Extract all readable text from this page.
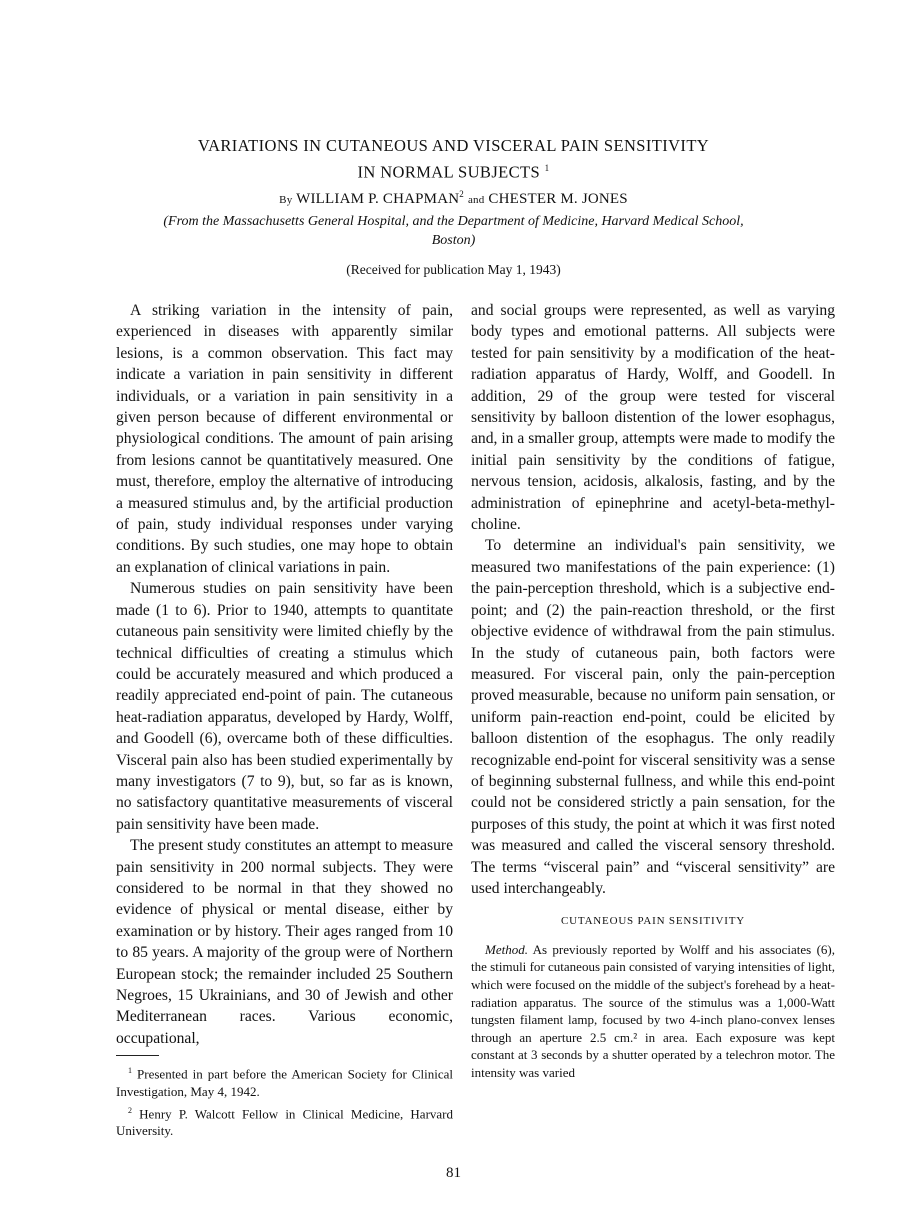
VARIATIONS IN CUTANEOUS AND VISCERAL PAIN SENSITIVITY
IN NORMAL SUBJECTS $^1$
By WILLIAM P. CHAPMAN$^2$ and CHESTER M. JONES
(From the Massachusetts General Hospital, and the Department of Medicine, Harvard Medical School, Boston)
(Received for publication May 1, 1943)

A striking variation in the intensity of pain, experienced in diseases with apparently similar lesions, is a common observation. This fact may indicate a variation in pain sensitivity in different individuals, or a variation in pain sensitivity in a given person because of different environmental or physiological conditions. The amount of pain arising from lesions cannot be quantitatively measured. One must, therefore, employ the alternative of introducing a measured stimulus and, by the artificial production of pain, study individual responses under varying conditions. By such studies, one may hope to obtain an explanation of clinical variations in pain.

Numerous studies on pain sensitivity have been made (1 to 6). Prior to 1940, attempts to quantitate cutaneous pain sensitivity were limited chiefly by the technical difficulties of creating a stimulus which could be accurately measured and which produced a readily appreciated end-point of pain. The cutaneous heat-radiation apparatus, developed by Hardy, Wolff, and Goodell (6), overcame both of these difficulties. Visceral pain also has been studied experimentally by many investigators (7 to 9), but, so far as is known, no satisfactory quantitative measurements of visceral pain sensitivity have been made.

The present study constitutes an attempt to measure pain sensitivity in 200 normal subjects. They were considered to be normal in that they showed no evidence of physical or mental disease, either by examination or by history. Their ages ranged from 10 to 85 years. A majority of the group were of Northern European stock; the remainder included 25 Southern Negroes, 15 Ukrainians, and 30 of Jewish and other Mediterranean races. Various economic, occupational,

and social groups were represented, as well as varying body types and emotional patterns. All subjects were tested for pain sensitivity by a modification of the heat-radiation apparatus of Hardy, Wolff, and Goodell. In addition, 29 of the group were tested for visceral sensitivity by balloon distention of the lower esophagus, and, in a smaller group, attempts were made to modify the initial pain sensitivity by the conditions of fatigue, nervous tension, acidosis, alkalosis, fasting, and by the administration of epinephrine and acetyl-beta-methyl-choline.

To determine an individual's pain sensitivity, we measured two manifestations of the pain experience: (1) the pain-perception threshold, which is a subjective end-point; and (2) the pain-reaction threshold, or the first objective evidence of withdrawal from the pain stimulus. In the study of cutaneous pain, both factors were measured. For visceral pain, only the pain-perception proved measurable, because no uniform pain sensation, or uniform pain-reaction end-point, could be elicited by balloon distention of the esophagus. The only readily recognizable end-point for visceral sensitivity was a sense of beginning substernal fullness, and while this end-point could not be considered strictly a pain sensation, for the purposes of this study, the point at which it was first noted was measured and called the visceral sensory threshold. The terms “visceral pain” and “visceral sensitivity” are used interchangeably.

CUTANEOUS PAIN SENSITIVITY

Method. As previously reported by Wolff and his associates (6), the stimuli for cutaneous pain consisted of varying intensities of light, which were focused on the middle of the subject's forehead by a heat-radiation apparatus. The source of the stimulus was a 1,000-Watt tungsten filament lamp, focused by two 4-inch plano-convex lenses through an aperture 2.5 cm.² in area. Each exposure was kept constant at 3 seconds by a shutter operated by a telechron motor. The intensity was varied

$^1$ Presented in part before the American Society for Clinical Investigation, May 4, 1942.

$^2$ Henry P. Walcott Fellow in Clinical Medicine, Harvard University.

81
